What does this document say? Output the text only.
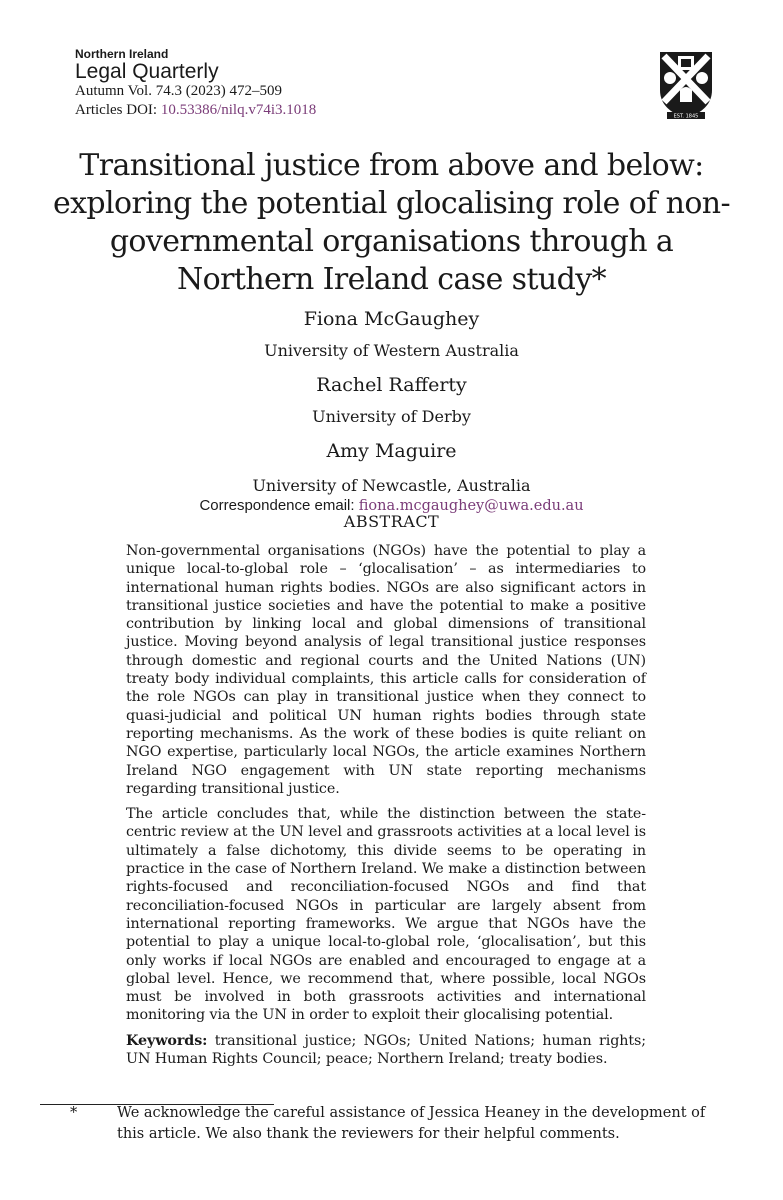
Northern Ireland
Legal Quarterly
Autumn Vol. 74.3 (2023) 472–509
Articles DOI: 10.53386/nilq.v74i3.1018	EST. 1845
Transitional justice from above and below: exploring the potential glocalising role of non-governmental organisations through a Northern Ireland case study*
Fiona McGaughey
University of Western Australia
Rachel Rafferty
University of Derby
Amy Maguire
University of Newcastle, Australia
Correspondence email: fiona.mcgaughey@uwa.edu.au
ABSTRACT

Non-governmental organisations (NGOs) have the potential to play a unique local-to-global role – ‘glocalisation’ – as intermediaries to international human rights bodies. NGOs are also significant actors in transitional justice societies and have the potential to make a positive contribution by linking local and global dimensions of transitional justice. Moving beyond analysis of legal transitional justice responses through domestic and regional courts and the United Nations (UN) treaty body individual complaints, this article calls for consideration of the role NGOs can play in transitional justice when they connect to quasi-judicial and political UN human rights bodies through state reporting mechanisms. As the work of these bodies is quite reliant on NGO expertise, particularly local NGOs, the article examines Northern Ireland NGO engagement with UN state reporting mechanisms regarding transitional justice.

The article concludes that, while the distinction between the state-centric review at the UN level and grassroots activities at a local level is ultimately a false dichotomy, this divide seems to be operating in practice in the case of Northern Ireland. We make a distinction between rights-focused and reconciliation-focused NGOs and find that reconciliation-focused NGOs in particular are largely absent from international reporting frameworks. We argue that NGOs have the potential to play a unique local-to-global role, ‘glocalisation’, but this only works if local NGOs are enabled and encouraged to engage at a global level. Hence, we recommend that, where possible, local NGOs must be involved in both grassroots activities and international monitoring via the UN in order to exploit their glocalising potential.

Keywords: transitional justice; NGOs; United Nations; human rights; UN Human Rights Council; peace; Northern Ireland; treaty bodies.

*	We acknowledge the careful assistance of Jessica Heaney in the development of this article. We also thank the reviewers for their helpful comments.
